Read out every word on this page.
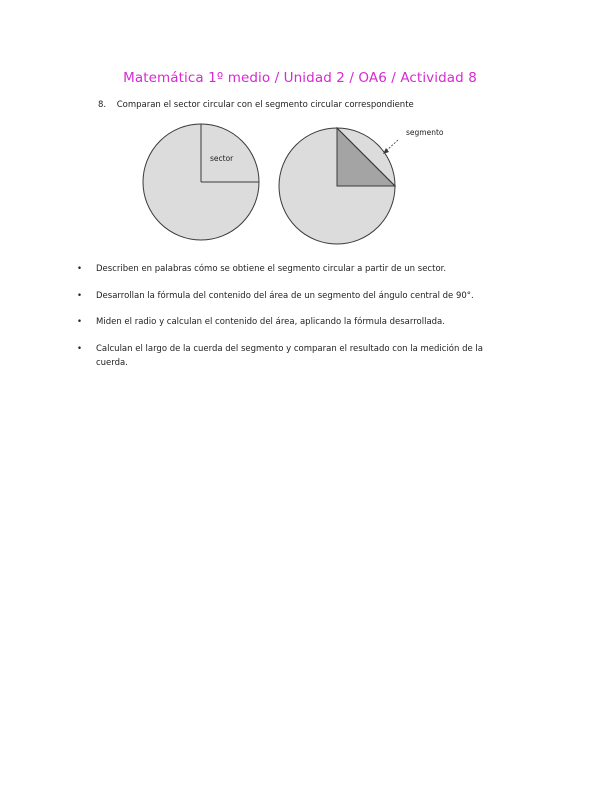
Matemática 1º medio / Unidad 2 / OA6 / Actividad 8
8. Comparan el sector circular con el segmento circular correspondiente
sector
segmento
• Describen en palabras cómo se obtiene el segmento circular a partir de un sector.
• Desarrollan la fórmula del contenido del área de un segmento del ángulo central de 90°.
• Miden el radio y calculan el contenido del área, aplicando la fórmula desarrollada.
• Calculan el largo de la cuerda del segmento y comparan el resultado con la medición de la cuerda.
